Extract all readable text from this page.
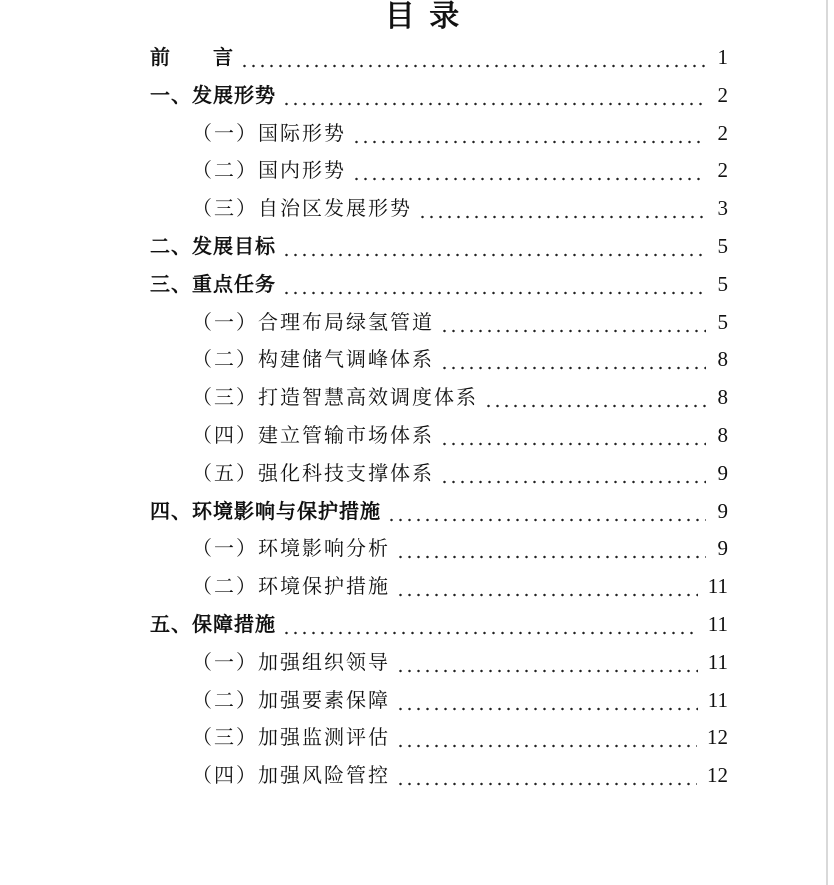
目 录
前　　言	1
一、发展形势	2
（一）国际形势	2
（二）国内形势	2
（三）自治区发展形势	3
二、发展目标	5
三、重点任务	5
（一）合理布局绿氢管道	5
（二）构建储气调峰体系	8
（三）打造智慧高效调度体系	8
（四）建立管输市场体系	8
（五）强化科技支撑体系	9
四、环境影响与保护措施	9
（一）环境影响分析	9
（二）环境保护措施	11
五、保障措施	11
（一）加强组织领导	11
（二）加强要素保障	11
（三）加强监测评估	12
（四）加强风险管控	12
